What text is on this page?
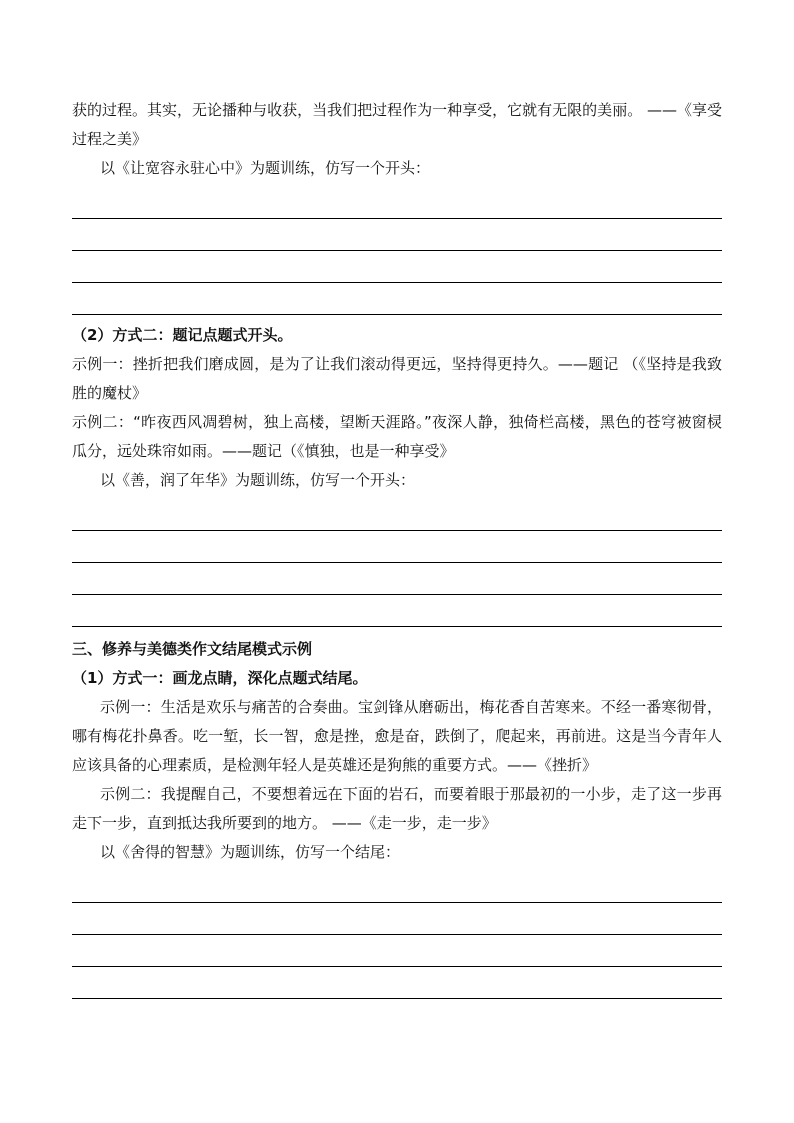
获的过程。其实，无论播种与收获，当我们把过程作为一种享受，它就有无限的美丽。 ——《享受过程之美》

以《让宽容永驻心中》为题训练，仿写一个开头：

（2）方式二：题记点题式开头。

示例一：挫折把我们磨成圆，是为了让我们滚动得更远，坚持得更持久。——题记 （《坚持是我致胜的魔杖》

示例二：“昨夜西风凋碧树，独上高楼，望断天涯路。”夜深人静，独倚栏高楼，黑色的苍穹被窗棂瓜分，远处珠帘如雨。——题记（《慎独，也是一种享受》

以《善，润了年华》为题训练，仿写一个开头：

三、修养与美德类作文结尾模式示例

（1）方式一：画龙点睛，深化点题式结尾。

示例一：生活是欢乐与痛苦的合奏曲。宝剑锋从磨砺出，梅花香自苦寒来。不经一番寒彻骨，哪有梅花扑鼻香。吃一堑，长一智，愈是挫，愈是奋，跌倒了，爬起来，再前进。这是当今青年人应该具备的心理素质，是检测年轻人是英雄还是狗熊的重要方式。——《挫折》

示例二：我提醒自己，不要想着远在下面的岩石，而要着眼于那最初的一小步，走了这一步再走下一步，直到抵达我所要到的地方。 ——《走一步，走一步》

以《舍得的智慧》为题训练，仿写一个结尾：
